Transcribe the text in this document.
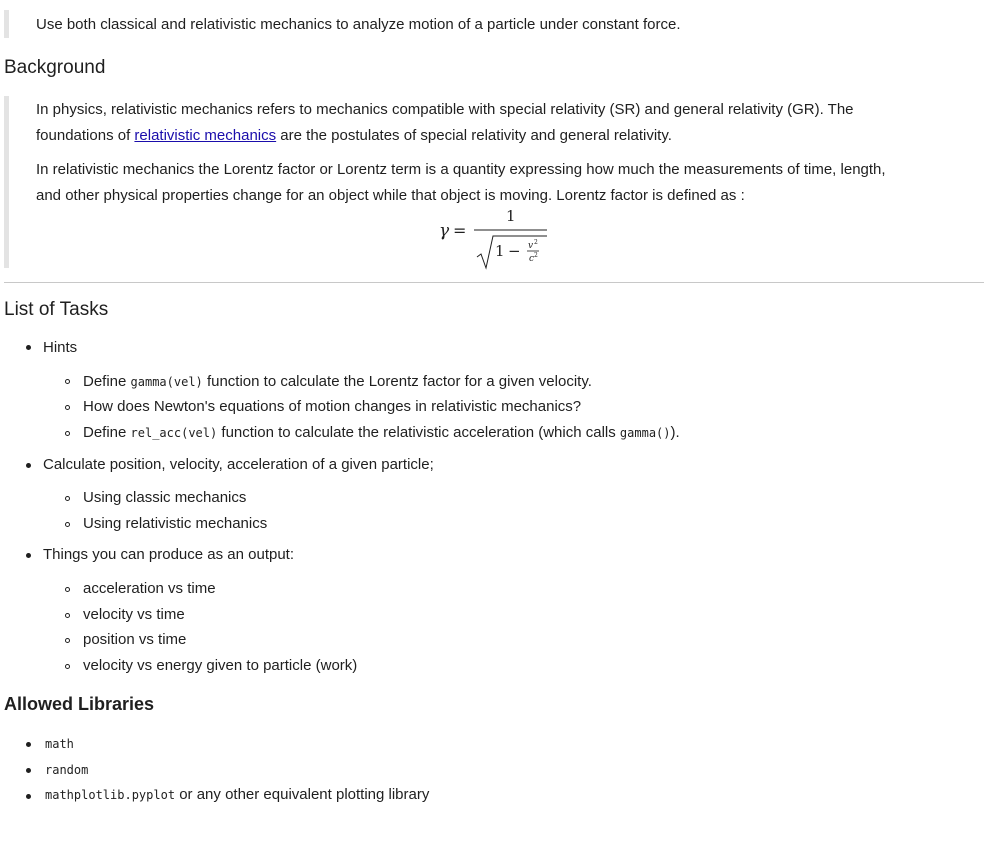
Use both classical and relativistic mechanics to analyze motion of a particle under constant force.

Background

In physics, relativistic mechanics refers to mechanics compatible with special relativity (SR) and general relativity (GR). The
foundations of relativistic mechanics are the postulates of special relativity and general relativity.

In relativistic mechanics the Lorentz factor or Lorentz term is a quantity expressing how much the measurements of time, length,
and other physical properties change for an object while that object is moving. Lorentz factor is defined as :

γ =
1
1 − v 2
c 2
List of Tasks
Hints
Define gamma(vel) function to calculate the Lorentz factor for a given velocity.
How does Newton's equations of motion changes in relativistic mechanics?
Define rel_acc(vel) function to calculate the relativistic acceleration (which calls gamma()).
Calculate position, velocity, acceleration of a given particle;
Using classic mechanics
Using relativistic mechanics
Things you can produce as an output:
acceleration vs time
velocity vs time
position vs time
velocity vs energy given to particle (work)
Allowed Libraries
math
random
mathplotlib.pyplot or any other equivalent plotting library
